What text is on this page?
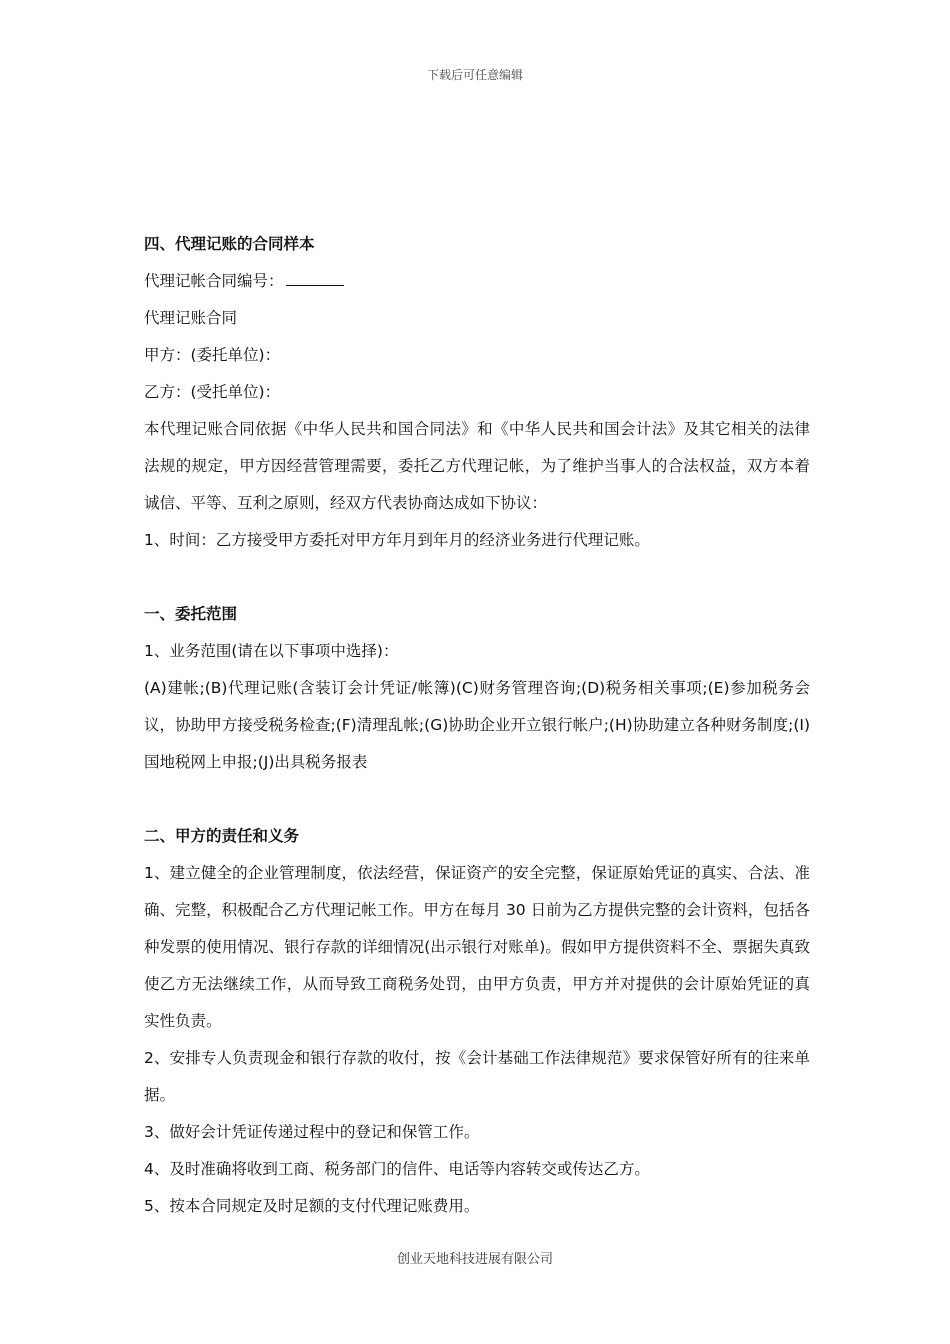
下载后可任意编辑
四、代理记账的合同样本
代理记帐合同编号：
代理记账合同
甲方：(委托单位)：
乙方：(受托单位)：
本代理记账合同依据《中华人民共和国合同法》和《中华人民共和国会计法》及其它相关的法律法规的规定，甲方因经营管理需要，委托乙方代理记帐，为了维护当事人的合法权益，双方本着诚信、平等、互利之原则，经双方代表协商达成如下协议：
1、时间：乙方接受甲方委托对甲方年月到年月的经济业务进行代理记账。
一、委托范围
1、业务范围(请在以下事项中选择)：
(A)建帐;(B)代理记账(含装订会计凭证/帐簿)(C)财务管理咨询;(D)税务相关事项;(E)参加税务会议，协助甲方接受税务检查;(F)清理乱帐;(G)协助企业开立银行帐户;(H)协助建立各种财务制度;(I)国地税网上申报;(J)出具税务报表
二、甲方的责任和义务
1、建立健全的企业管理制度，依法经营，保证资产的安全完整，保证原始凭证的真实、合法、准确、完整，积极配合乙方代理记帐工作。甲方在每月 30 日前为乙方提供完整的会计资料，包括各种发票的使用情况、银行存款的详细情况(出示银行对账单)。假如甲方提供资料不全、票据失真致使乙方无法继续工作，从而导致工商税务处罚，由甲方负责，甲方并对提供的会计原始凭证的真实性负责。
2、安排专人负责现金和银行存款的收付，按《会计基础工作法律规范》要求保管好所有的往来单据。
3、做好会计凭证传递过程中的登记和保管工作。
4、及时准确将收到工商、税务部门的信件、电话等内容转交或传达乙方。
5、按本合同规定及时足额的支付代理记账费用。
创业天地科技进展有限公司
